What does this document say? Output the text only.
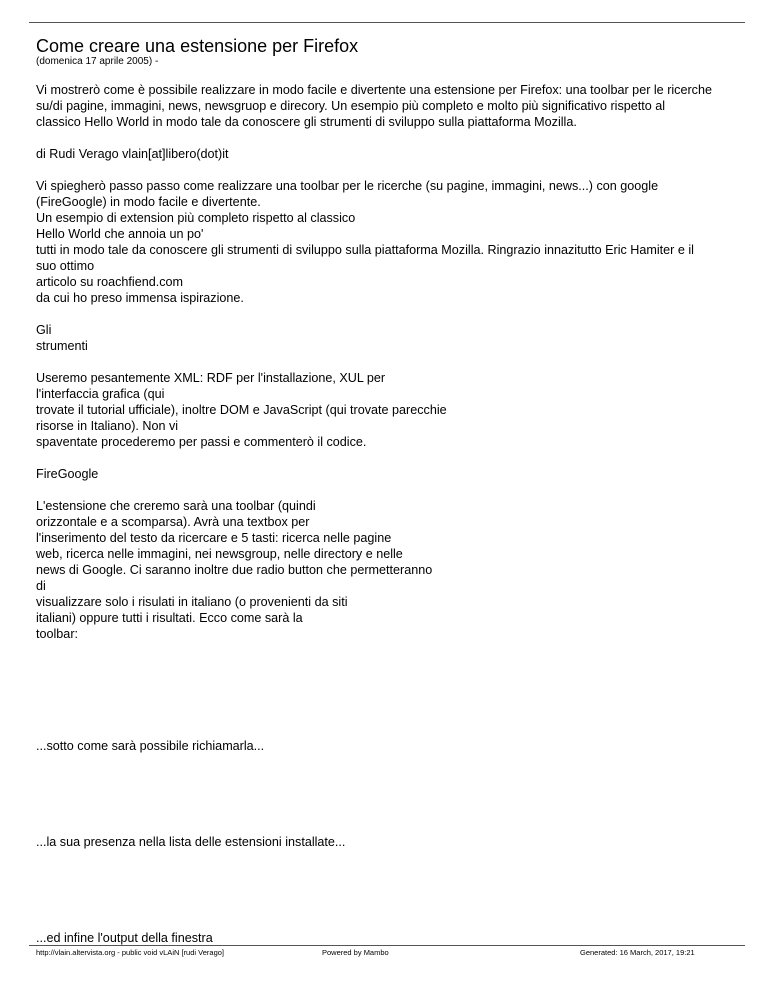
Come creare una estensione per Firefox
(domenica 17 aprile 2005) -
Vi mostrerò come è possibile realizzare in modo facile e divertente una estensione per Firefox: una toolbar per le ricerche
su/di pagine, immagini, news, newsgruop e direcory. Un esempio più completo e molto più significativo rispetto al
classico Hello World in modo tale da conoscere gli strumenti di sviluppo sulla piattaforma Mozilla.
di Rudi Verago vlain[at]libero(dot)it
Vi spiegherò passo passo come realizzare una toolbar per le ricerche (su pagine, immagini, news...) con google
(FireGoogle) in modo facile e divertente.
Un esempio di extension più completo rispetto al classico
Hello World che annoia un po'
tutti in modo tale da conoscere gli strumenti di sviluppo sulla piattaforma Mozilla. Ringrazio innazitutto Eric Hamiter e il
suo ottimo
articolo su roachfiend.com
da cui ho preso immensa ispirazione.
Gli
strumenti
Useremo pesantemente XML: RDF per l'installazione, XUL per
l'interfaccia grafica (qui
trovate il tutorial ufficiale), inoltre DOM e JavaScript (qui trovate parecchie
risorse in Italiano). Non vi
spaventate procederemo per passi e commenterò il codice.
FireGoogle
L'estensione che creremo sarà una toolbar (quindi
orizzontale e a scomparsa). Avrà una textbox per
l'inserimento del testo da ricercare e 5 tasti: ricerca nelle pagine
web, ricerca nelle immagini, nei newsgroup, nelle directory e nelle
news di Google. Ci saranno inoltre due radio button che permetteranno
di
visualizzare solo i risulati in italiano (o provenienti da siti
italiani) oppure tutti i risultati. Ecco come sarà la
toolbar:
...sotto come sarà possibile richiamarla...
...la sua presenza nella lista delle estensioni installate...
...ed infine l'output della finestra
http://vlain.altervista.org - public void vLAiN [rudi Verago]	Powered by Mambo	Generated: 16 March, 2017, 19:21
